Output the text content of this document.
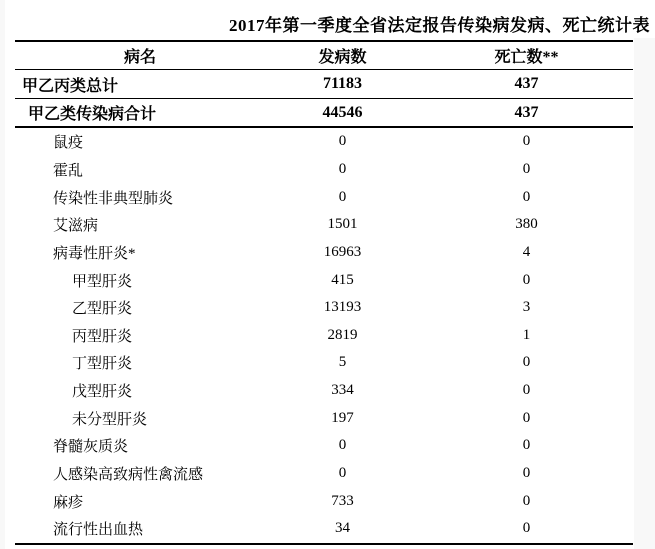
2017年第一季度全省法定报告传染病发病、死亡统计表
病名	发病数	死亡数**
甲乙丙类总计	71183	437
甲乙类传染病合计	44546	437
鼠疫	0	0
霍乱	0	0
传染性非典型肺炎	0	0
艾滋病	1501	380
病毒性肝炎*	16963	4
甲型肝炎	415	0
乙型肝炎	13193	3
丙型肝炎	2819	1
丁型肝炎	5	0
戊型肝炎	334	0
未分型肝炎	197	0
脊髓灰质炎	0	0
人感染高致病性禽流感	0	0
麻疹	733	0
流行性出血热	34	0
